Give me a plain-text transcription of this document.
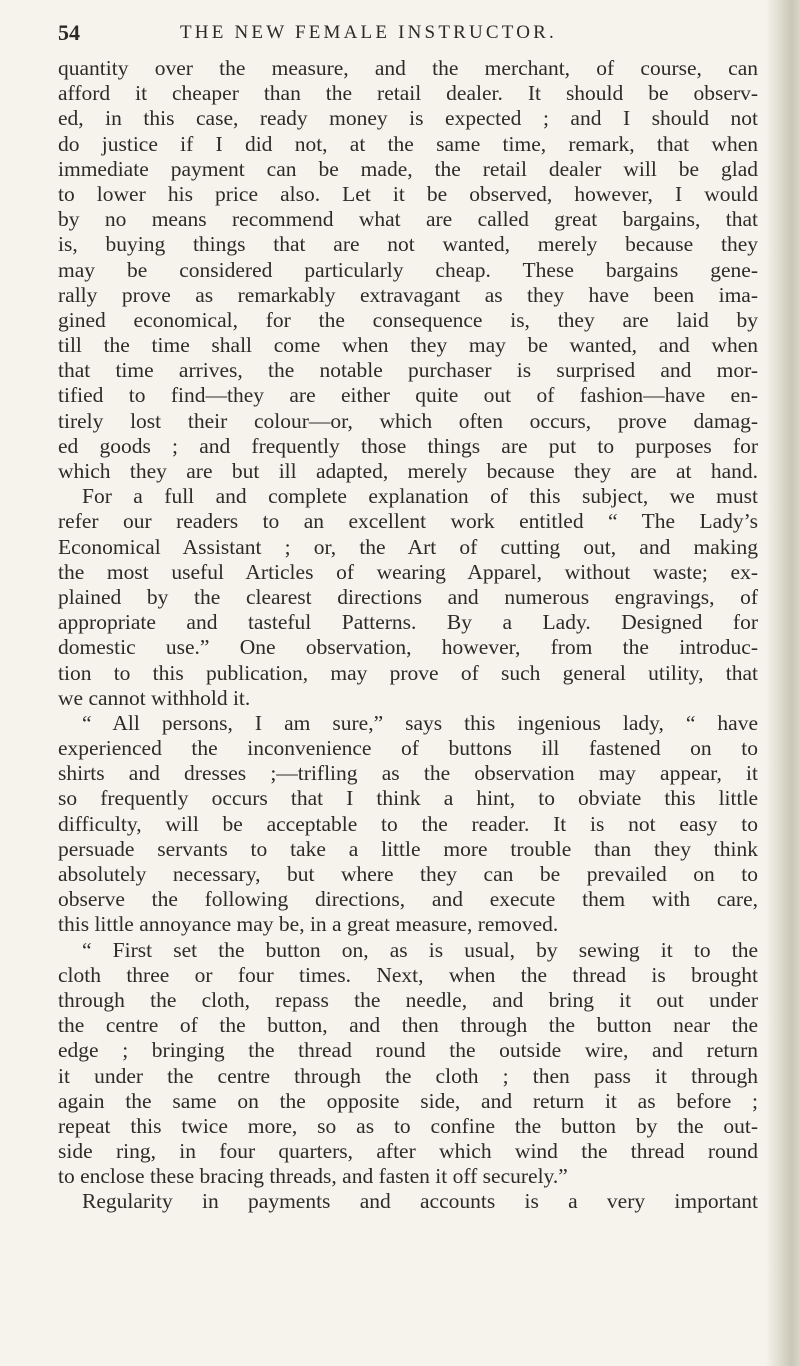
54	THE NEW FEMALE INSTRUCTOR.
quantity over the measure, and the merchant, of course, can
afford it cheaper than the retail dealer. It should be observ-
ed, in this case, ready money is expected ; and I should not
do justice if I did not, at the same time, remark, that when
immediate payment can be made, the retail dealer will be glad
to lower his price also. Let it be observed, however, I would
by no means recommend what are called great bargains, that
is, buying things that are not wanted, merely because they
may be considered particularly cheap. These bargains gene-
rally prove as remarkably extravagant as they have been ima-
gined economical, for the consequence is, they are laid by
till the time shall come when they may be wanted, and when
that time arrives, the notable purchaser is surprised and mor-
tified to find—they are either quite out of fashion—have en-
tirely lost their colour—or, which often occurs, prove damag-
ed goods ; and frequently those things are put to purposes for
which they are but ill adapted, merely because they are at hand.
For a full and complete explanation of this subject, we must
refer our readers to an excellent work entitled “ The Lady’s
Economical Assistant ; or, the Art of cutting out, and making
the most useful Articles of wearing Apparel, without waste; ex-
plained by the clearest directions and numerous engravings, of
appropriate and tasteful Patterns. By a Lady. Designed for
domestic use.” One observation, however, from the introduc-
tion to this publication, may prove of such general utility, that
we cannot withhold it.
“ All persons, I am sure,” says this ingenious lady, “ have
experienced the inconvenience of buttons ill fastened on to
shirts and dresses ;—trifling as the observation may appear, it
so frequently occurs that I think a hint, to obviate this little
difficulty, will be acceptable to the reader. It is not easy to
persuade servants to take a little more trouble than they think
absolutely necessary, but where they can be prevailed on to
observe the following directions, and execute them with care,
this little annoyance may be, in a great measure, removed.
“ First set the button on, as is usual, by sewing it to the
cloth three or four times. Next, when the thread is brought
through the cloth, repass the needle, and bring it out under
the centre of the button, and then through the button near the
edge ; bringing the thread round the outside wire, and return
it under the centre through the cloth ; then pass it through
again the same on the opposite side, and return it as before ;
repeat this twice more, so as to confine the button by the out-
side ring, in four quarters, after which wind the thread round
to enclose these bracing threads, and fasten it off securely.”
Regularity in payments and accounts is a very important
